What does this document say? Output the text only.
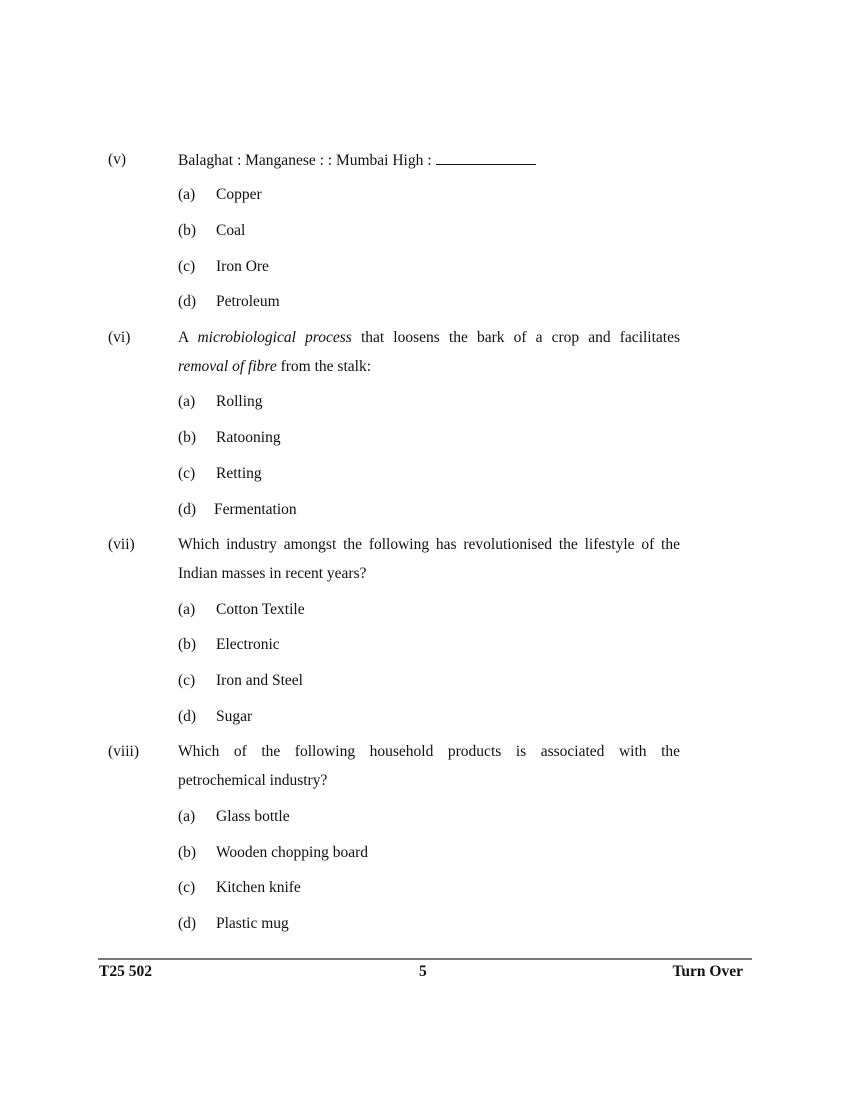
(v)	Balaghat : Manganese : : Mumbai High :
(a) Copper
(b) Coal
(c) Iron Ore
(d) Petroleum
(vi)	A microbiological process that loosens the bark of a crop and facilitates
removal of fibre from the stalk:
(a) Rolling
(b) Ratooning
(c) Retting
(d) Fermentation
(vii)	Which industry amongst the following has revolutionised the lifestyle of the
Indian masses in recent years?
(a) Cotton Textile
(b) Electronic
(c) Iron and Steel
(d) Sugar
(viii)	Which of the following household products is associated with the
petrochemical industry?
(a) Glass bottle
(b) Wooden chopping board
(c) Kitchen knife
(d) Plastic mug
T25 502	5	Turn Over
